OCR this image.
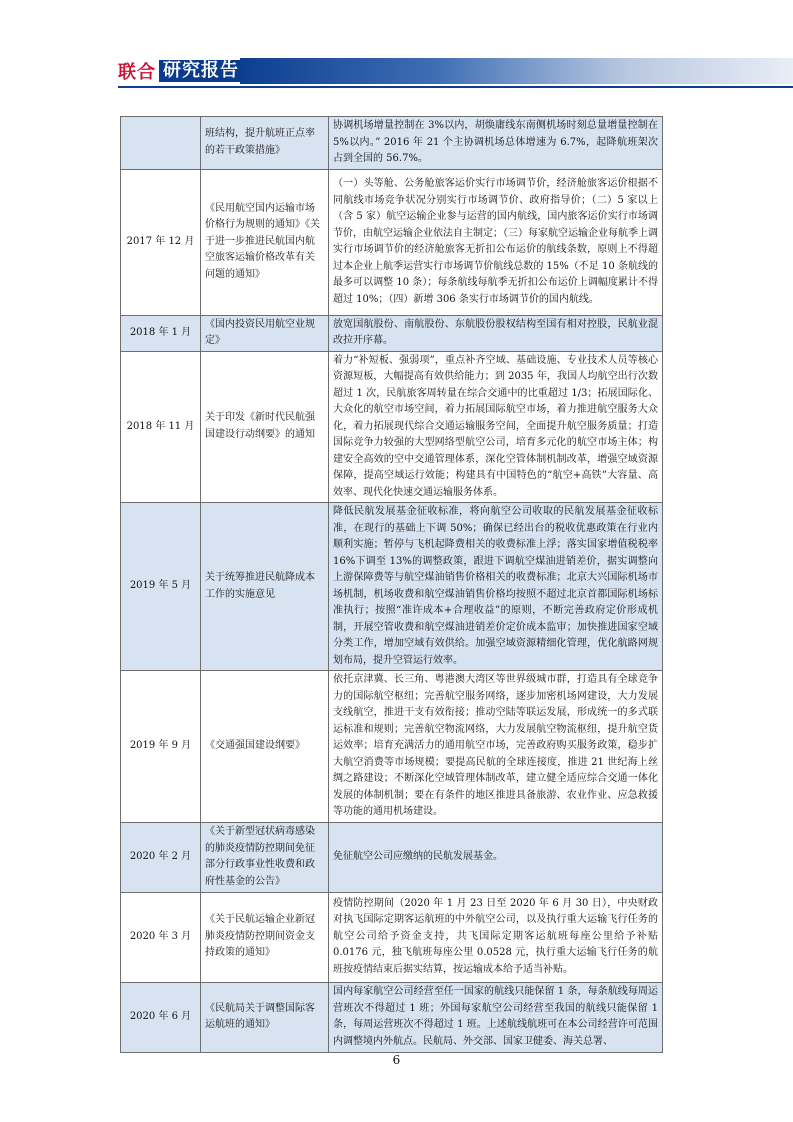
联合 研究报告
	班结构，提升航班正点率的若干政策措施》	协调机场增量控制在 3%以内，胡焕庸线东南侧机场时刻总量增量控制在 5%以内。” 2016 年 21 个主协调机场总体增速为 6.7%，起降航班架次占到全国的 56.7%。
2017 年 12 月	《民用航空国内运输市场价格行为规则的通知》《关于进一步推进民航国内航空旅客运输价格改革有关问题的通知》	（一）头等舱、公务舱旅客运价实行市场调节价，经济舱旅客运价根据不同航线市场竞争状况分别实行市场调节价、政府指导价；（二）5 家以上（含 5 家）航空运输企业参与运营的国内航线，国内旅客运价实行市场调节价，由航空运输企业依法自主制定；（三）每家航空运输企业每航季上调实行市场调节价的经济舱旅客无折扣公布运价的航线条数，原则上不得超过本企业上航季运营实行市场调节价航线总数的 15%（不足 10 条航线的最多可以调整 10 条）；每条航线每航季无折扣公布运价上调幅度累计不得超过 10%；（四）新增 306 条实行市场调节价的国内航线。
2018 年 1 月	《国内投资民用航空业规定》	放宽国航股份、南航股份、东航股份股权结构至国有相对控股，民航业混改拉开序幕。
2018 年 11 月	关于印发《新时代民航强国建设行动纲要》的通知	着力“补短板、强弱项”，重点补齐空域、基础设施、专业技术人员等核心资源短板，大幅提高有效供给能力；到 2035 年，我国人均航空出行次数超过 1 次，民航旅客周转量在综合交通中的比重超过 1/3；拓展国际化、大众化的航空市场空间，着力拓展国际航空市场，着力推进航空服务大众化，着力拓展现代综合交通运输服务空间，全面提升航空服务质量；打造国际竞争力较强的大型网络型航空公司，培育多元化的航空市场主体；构建安全高效的空中交通管理体系，深化空管体制机制改革，增强空域资源保障，提高空域运行效能；构建具有中国特色的“航空+高铁”大容量、高效率、现代化快速交通运输服务体系。
2019 年 5 月	关于统筹推进民航降成本工作的实施意见	降低民航发展基金征收标准，将向航空公司收取的民航发展基金征收标准，在现行的基础上下调 50%；确保已经出台的税收优惠政策在行业内顺利实施；暂停与飞机起降费相关的收费标准上浮；落实国家增值税税率 16%下调至 13%的调整政策，跟进下调航空煤油进销差价，据实调整向上游保障费等与航空煤油销售价格相关的收费标准；北京大兴国际机场市场机制，机场收费和航空煤油销售价格均按照不超过北京首都国际机场标准执行；按照“准许成本+合理收益”的原则，不断完善政府定价形成机制，开展空管收费和航空煤油进销差价定价成本监审；加快推进国家空域分类工作，增加空域有效供给。加强空域资源精细化管理，优化航路网规划布局，提升空管运行效率。
2019 年 9 月	《交通强国建设纲要》	依托京津冀、长三角、粤港澳大湾区等世界级城市群，打造具有全球竞争力的国际航空枢纽；完善航空服务网络，逐步加密机场网建设，大力发展支线航空，推进干支有效衔接；推动空陆等联运发展，形成统一的多式联运标准和规则；完善航空物流网络，大力发展航空物流枢纽，提升航空货运效率；培育充满活力的通用航空市场，完善政府购买服务政策，稳步扩大航空消费等市场规模；要提高民航的全球连接度，推进 21 世纪海上丝绸之路建设；不断深化空域管理体制改革，建立健全适应综合交通一体化发展的体制机制；要在有条件的地区推进具备旅游、农业作业、应急救援等功能的通用机场建设。
2020 年 2 月	《关于新型冠状病毒感染的肺炎疫情防控期间免征部分行政事业性收费和政府性基金的公告》	免征航空公司应缴纳的民航发展基金。
2020 年 3 月	《关于民航运输企业新冠肺炎疫情防控期间资金支持政策的通知》	疫情防控期间（2020 年 1 月 23 日至 2020 年 6 月 30 日），中央财政对执飞国际定期客运航班的中外航空公司，以及执行重大运输飞行任务的航空公司给予资金支持，共飞国际定期客运航班每座公里给予补贴 0.0176 元，独飞航班每座公里 0.0528 元，执行重大运输飞行任务的航班按疫情结束后据实结算，按运输成本给予适当补贴。
2020 年 6 月	《民航局关于调整国际客运航班的通知》	国内每家航空公司经营至任一国家的航线只能保留 1 条，每条航线每周运营班次不得超过 1 班；外国每家航空公司经营至我国的航线只能保留 1 条，每周运营班次不得超过 1 班。上述航线航班可在本公司经营许可范围内调整境内外航点。民航局、外交部、国家卫健委、海关总署、
6
